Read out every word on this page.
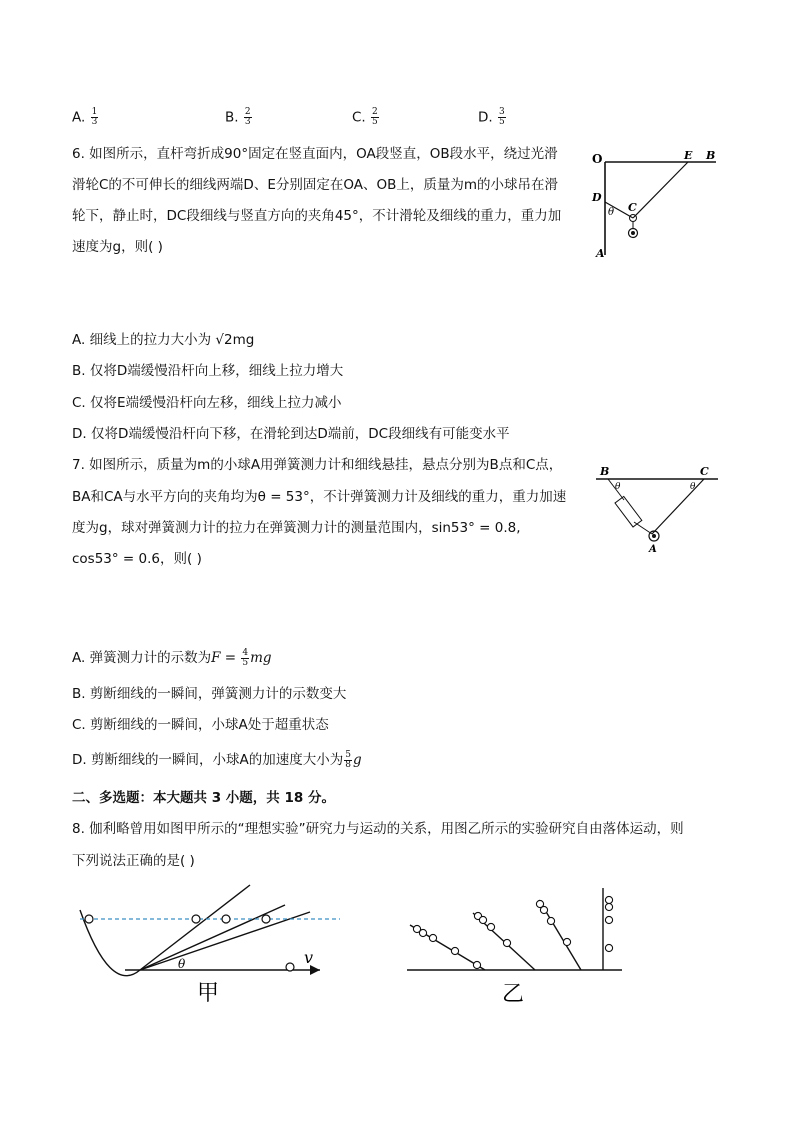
A. $\frac{1}{3}$	B. $\frac{2}{3}$	C. $\frac{2}{5}$	D. $\frac{3}{5}$
6. 如图所示，直杆弯折成90°固定在竖直面内，OA段竖直，OB段水平，绕过光滑
滑轮C的不可伸长的细线两端D、E分别固定在OA、OB上，质量为m的小球吊在滑
轮下，静止时，DC段细线与竖直方向的夹角45°，不计滑轮及细线的重力，重力加
速度为g，则( )
O	E B
D
θ C
A
A. 细线上的拉力大小为 √2mg
B. 仅将D端缓慢沿杆向上移，细线上拉力增大
C. 仅将E端缓慢沿杆向左移，细线上拉力减小
D. 仅将D端缓慢沿杆向下移，在滑轮到达D端前，DC段细线有可能变水平
7. 如图所示，质量为m的小球A用弹簧测力计和细线悬挂，悬点分别为B点和C点，
BA和CA与水平方向的夹角均为θ = 53°，不计弹簧测力计及细线的重力，重力加速
度为g，球对弹簧测力计的拉力在弹簧测力计的测量范围内，sin53° = 0.8,
cos53° = 0.6，则( )
B	C
θ	θ
A
A. 弹簧测力计的示数为$F = \frac{4}{5}$ mg
B. 剪断细线的一瞬间，弹簧测力计的示数变大
C. 剪断细线的一瞬间，小球A处于超重状态
D. 剪断细线的一瞬间，小球A的加速度大小为 $\frac{5}{8}$ g
二、多选题：本大题共 3 小题，共 18 分。
8. 伽利略曾用如图甲所示的“理想实验”研究力与运动的关系，用图乙所示的实验研究自由落体运动，则
下列说法正确的是( )
v
θ
甲	乙
